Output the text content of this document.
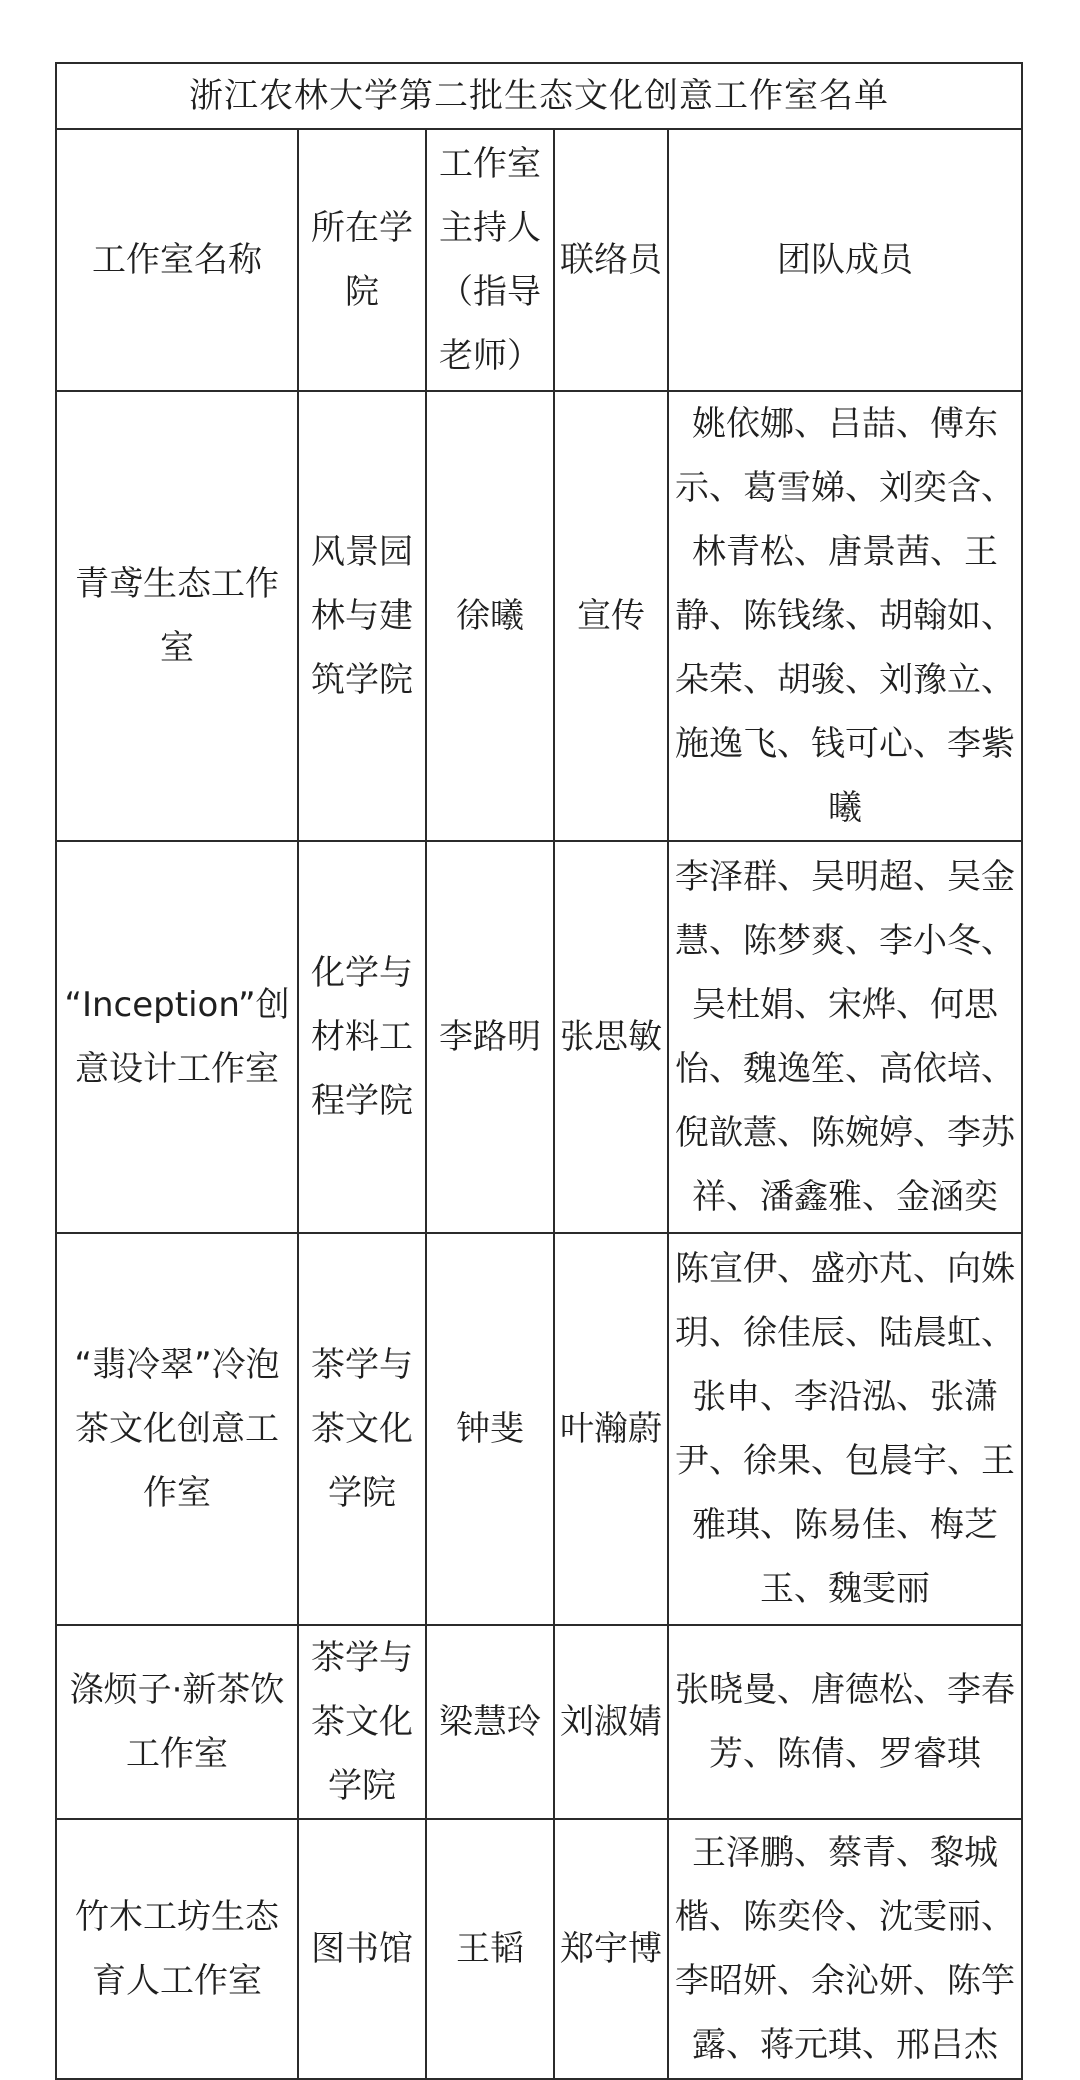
浙江农林大学第二批生态文化创意工作室名单				
工作室名称	所在学院	工作室主持人（指导老师）	联络员	团队成员
青鸢生态工作室	风景园林与建筑学院	徐曦	宣传	姚依娜、吕喆、傅东示、葛雪娣、刘奕含、林青松、唐景茜、王静、陈钱缘、胡翰如、朵荣、胡骏、刘豫立、施逸飞、钱可心、李紫曦
“Inception”创意设计工作室	化学与材料工程学院	李路明	张思敏	李泽群、吴明超、吴金慧、陈梦爽、李小冬、吴杜娟、宋烨、何思怡、魏逸笙、高依培、倪歆薏、陈婉婷、李苏祥、潘鑫雅、金涵奕
“翡冷翠”冷泡茶文化创意工作室	茶学与茶文化学院	钟斐	叶瀚蔚	陈宣伊、盛亦芃、向姝玥、徐佳辰、陆晨虹、张申、李沿泓、张潇尹、徐果、包晨宇、王雅琪、陈易佳、梅芝玉、魏雯丽
涤烦子·新茶饮工作室	茶学与茶文化学院	梁慧玲	刘淑婧	张晓曼、唐德松、李春芳、陈倩、罗睿琪
竹木工坊生态育人工作室	图书馆	王韬	郑宇博	王泽鹏、蔡青、黎城楷、陈奕伶、沈雯丽、李昭妍、余沁妍、陈竽露、蒋元琪、邢吕杰
